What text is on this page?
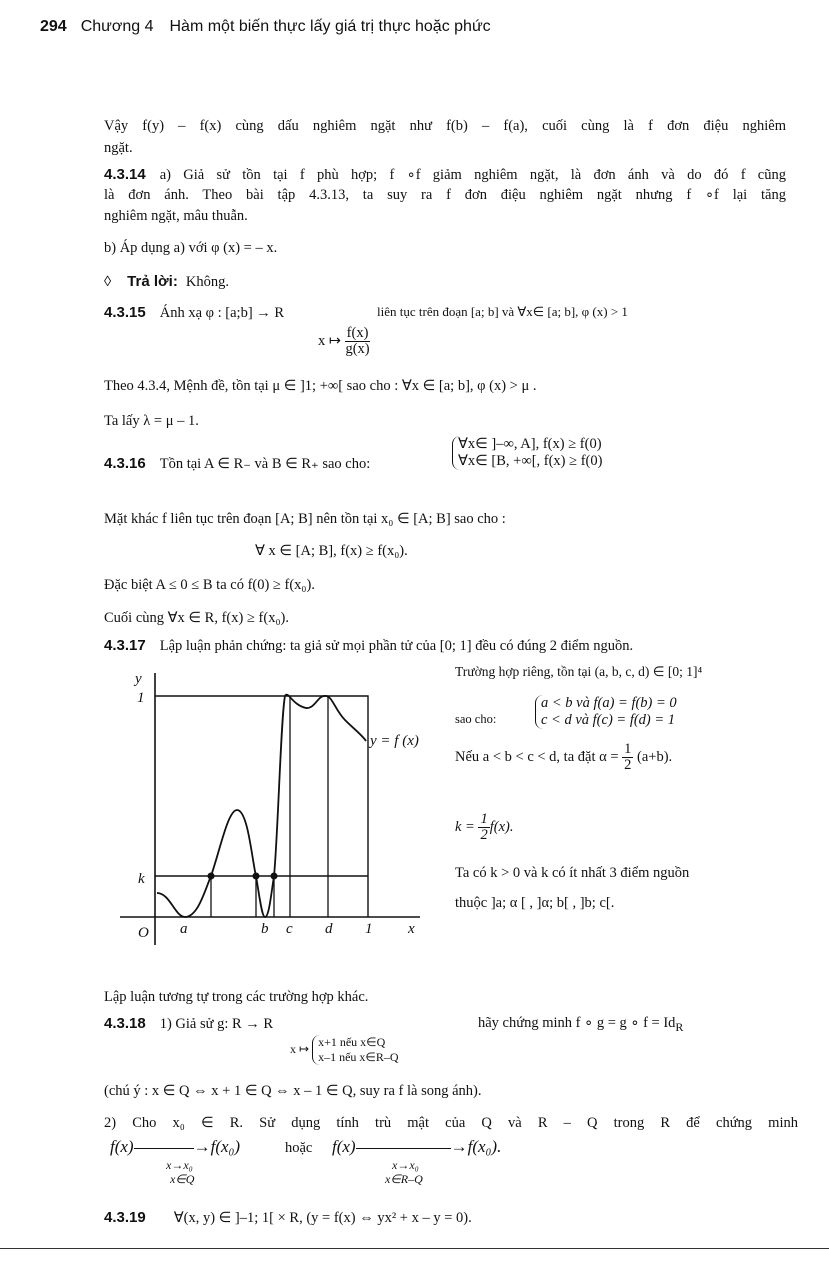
294 Chương 4 Hàm một biến thực lấy giá trị thực hoặc phức
Vậy f(y) – f(x) cùng dấu nghiêm ngặt như f(b) – f(a), cuối cùng là f đơn điệu nghiêm
ngặt.
4.3.14 a) Giả sử tồn tại f phù hợp; f ∘f giảm nghiêm ngặt, là đơn ánh và do đó f cũng
là đơn ánh. Theo bài tập 4.3.13, ta suy ra f đơn điệu nghiêm ngặt nhưng f ∘f lại tăng
nghiêm ngặt, mâu thuẫn.
b) Áp dụng a) với φ (x) = – x.
◊ Trả lời: Không.
4.3.15 Ánh xạ φ : [a;b] → R	liên tục trên đoạn [a; b] và ∀x∈ [a; b], φ (x) > 1
x ↦ $\frac{f(x)}{g(x)}$
Theo 4.3.4, Mệnh đề, tồn tại μ ∈ ]1; +∞[ sao cho : ∀x ∈ [a; b], φ (x) > μ .
Ta lấy λ = μ – 1.
4.3.16 Tồn tại A ∈ R₋ và B ∈ R₊ sao cho:
∀x∈ ]–∞, A], f(x) ≥ f(0)
∀x∈ [B, +∞[, f(x) ≥ f(0)
Mặt khác f liên tục trên đoạn [A; B] nên tồn tại x₀ ∈ [A; B] sao cho :
∀ x ∈ [A; B], f(x) ≥ f(x₀).
Đặc biệt A ≤ 0 ≤ B ta có f(0) ≥ f(x₀).
Cuối cùng ∀x ∈ R, f(x) ≥ f(x₀).
4.3.17 Lập luận phản chứng: ta giả sử mọi phần tử của [0; 1] đều có đúng 2 điểm nguồn.
y
1
k
O a	b c d 1 x
y = f (x)
Trường hợp riêng, tồn tại (a, b, c, d) ∈ [0; 1]⁴
sao cho:
a < b và f(a) = f(b) = 0
c < d và f(c) = f(d) = 1
Nếu a < b < c < d, ta đặt $\alpha = \frac{1}{2} (a+b)$.
$k = \frac{1}{2} f(x)$.
Ta có k > 0 và k có ít nhất 3 điểm nguồn
thuộc ]a; α [ , ]α; b[ , ]b; c[.
Lập luận tương tự trong các trường hợp khác.
4.3.18 1) Giả sử g: R → R	hãy chứng minh f ∘ g = g ∘ $f = Id_R$
x ↦ x+1 nếu x∈Q
x–1 nếu x∈R–Q
(chú ý : x ∈ Q ⇔ x + 1 ∈ Q ⇔ x – 1 ∈ Q, suy ra f là song ánh).
2) Cho x₀ ∈ R. Sử dụng tính trù mật của Q và R – Q trong R để chứng minh
f(x)	→f(x₀)
x→x₀
x∈Q
hoặc f(x)	→f(x₀).
x→x₀
x∈R–Q
4.3.19 ∀(x, y) ∈ ]–1; 1[ × R, (y = f(x) ⇔ yx² + x – y = 0).
